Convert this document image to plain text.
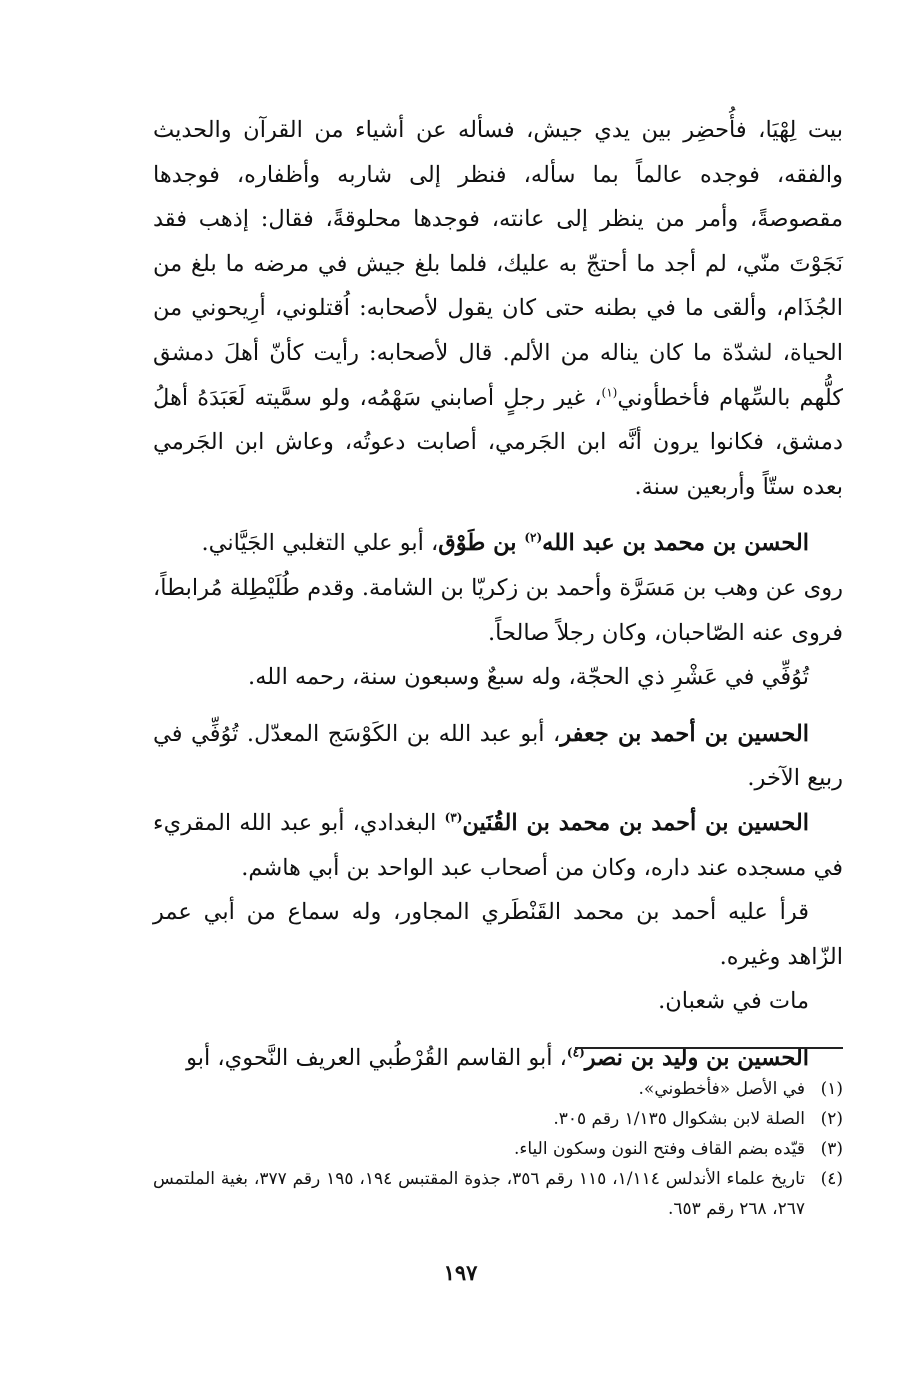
بيت لِهْيَا، فأُحضِر بين يدي جيش، فسأله عن أشياء من القرآن والحديث والفقه، فوجده عالماً بما سأله، فنظر إلى شاربه وأظفاره، فوجدها مقصوصةً، وأمر من ينظر إلى عانته، فوجدها محلوقةً، فقال: إذهب فقد نَجَوْتَ منّي، لم أجد ما أحتجّ به عليك، فلما بلغ جيش في مرضه ما بلغ من الجُذَام، وألقى ما في بطنه حتى كان يقول لأصحابه: اُقتلوني، أرِيحوني من الحياة، لشدّة ما كان يناله من الألم. قال لأصحابه: رأيت كأنّ أهلَ دمشق كلُّهم بالسِّهام فأخطأوني$^{(١)}$، غير رجلٍ أصابني سَهْمُه، ولو سمَّيته لَعَبَدَهُ أهلُ دمشق، فكانوا يرون أنَّه ابن الجَرمي، أصابت دعوتُه، وعاش ابن الجَرمي بعده ستّاً وأربعين سنة.

الحسن بن محمد بن عبد الله$^{(٢)}$ بن طَوْق، أبو علي التغلبي الجَيَّاني.

روى عن وهب بن مَسَرَّة وأحمد بن زكريّا بن الشامة. وقدم طُلَيْطِلة مُرابطاً، فروى عنه الصّاحبان، وكان رجلاً صالحاً.

تُوُفِّي في عَشْرِ ذي الحجّة، وله سبعٌ وسبعون سنة، رحمه الله.

الحسين بن أحمد بن جعفر، أبو عبد الله بن الكَوْسَج المعدّل. تُوُفِّي في ربيع الآخر.

الحسين بن أحمد بن محمد بن القُنَين$^{(٣)}$ البغدادي، أبو عبد الله المقريء في مسجده عند داره، وكان من أصحاب عبد الواحد بن أبي هاشم.

قرأ عليه أحمد بن محمد القَنْطَري المجاور، وله سماع من أبي عمر الزّاهد وغيره.

مات في شعبان.

الحسين بن وليد بن نصر$^{(٤)}$، أبو القاسم القُرْطُبي العريف النَّحوي، أبو

(١)
في الأصل «فأخطوني».
(٢)
الصلة لابن بشكوال ١/١٣٥ رقم ٣٠٥.
(٣)
قيّده بضم القاف وفتح النون وسكون الياء.
(٤)
تاريخ علماء الأندلس ١/١١٤، ١١٥ رقم ٣٥٦، جذوة المقتبس ١٩٤، ١٩٥ رقم ٣٧٧، بغية الملتمس ٢٦٧، ٢٦٨ رقم ٦٥٣.
١٩٧
